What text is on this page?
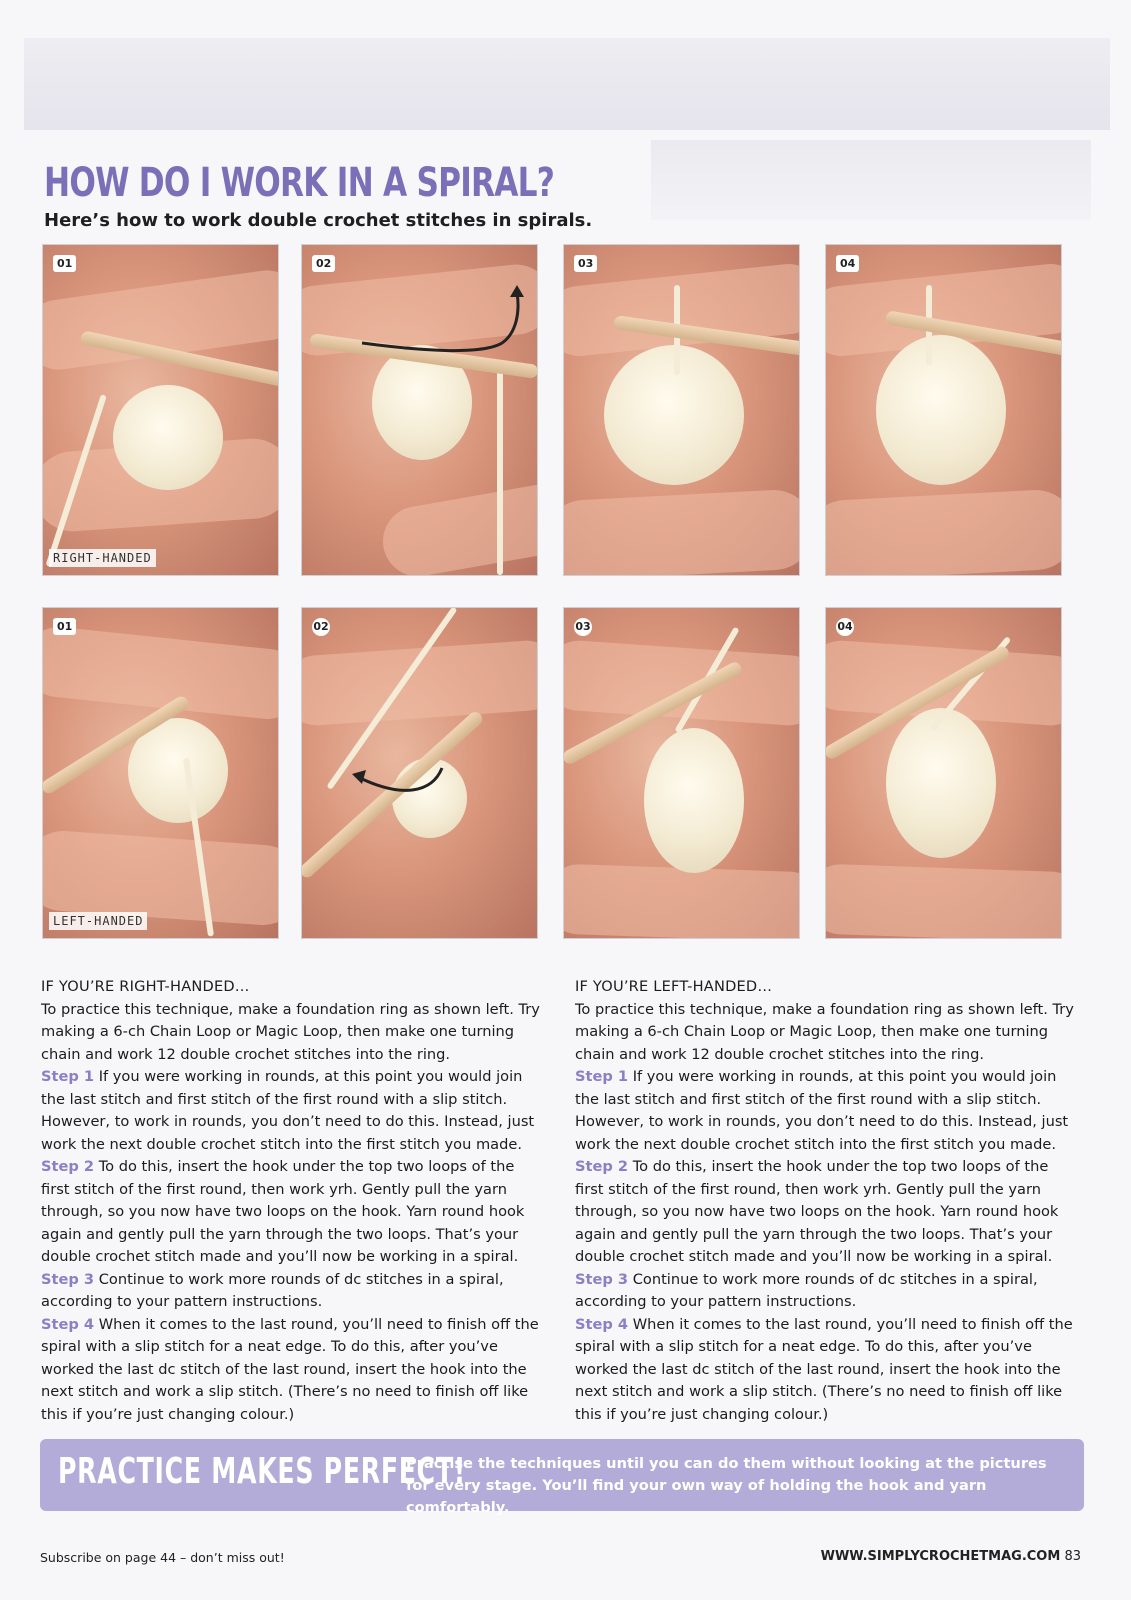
HOW DO I WORK IN A SPIRAL?

Here’s how to work double crochet stitches in spirals.

01
RIGHT-HANDED
02	03	04
01
LEFT-HANDED
02	03	04

IF YOU’RE RIGHT-HANDED…

To practice this technique, make a foundation ring as shown left. Try making a 6-ch Chain Loop or Magic Loop, then make one turning chain and work 12 double crochet stitches into the ring.

Step 1 If you were working in rounds, at this point you would join the last stitch and first stitch of the first round with a slip stitch. However, to work in rounds, you don’t need to do this. Instead, just work the next double crochet stitch into the first stitch you made.

Step 2 To do this, insert the hook under the top two loops of the first stitch of the first round, then work yrh. Gently pull the yarn through, so you now have two loops on the hook. Yarn round hook again and gently pull the yarn through the two loops. That’s your double crochet stitch made and you’ll now be working in a spiral.

Step 3 Continue to work more rounds of dc stitches in a spiral, according to your pattern instructions.

Step 4 When it comes to the last round, you’ll need to finish off the spiral with a slip stitch for a neat edge. To do this, after you’ve worked the last dc stitch of the last round, insert the hook into the next stitch and work a slip stitch. (There’s no need to finish off like this if you’re just changing colour.)

IF YOU’RE LEFT-HANDED…

To practice this technique, make a foundation ring as shown left. Try making a 6-ch Chain Loop or Magic Loop, then make one turning chain and work 12 double crochet stitches into the ring.

Step 1 If you were working in rounds, at this point you would join the last stitch and first stitch of the first round with a slip stitch. However, to work in rounds, you don’t need to do this. Instead, just work the next double crochet stitch into the first stitch you made.

Step 2 To do this, insert the hook under the top two loops of the first stitch of the first round, then work yrh. Gently pull the yarn through, so you now have two loops on the hook. Yarn round hook again and gently pull the yarn through the two loops. That’s your double crochet stitch made and you’ll now be working in a spiral.

Step 3 Continue to work more rounds of dc stitches in a spiral, according to your pattern instructions.

Step 4 When it comes to the last round, you’ll need to finish off the spiral with a slip stitch for a neat edge. To do this, after you’ve worked the last dc stitch of the last round, insert the hook into the next stitch and work a slip stitch. (There’s no need to finish off like this if you’re just changing colour.)

PRACTICE MAKES PERFECT!
Practise the techniques until you can do them without looking at the pictures for every stage. You’ll find your own way of holding the hook and yarn comfortably.
Subscribe on page 44 – don’t miss out!	WWW.SIMPLYCROCHETMAG.COM 83
